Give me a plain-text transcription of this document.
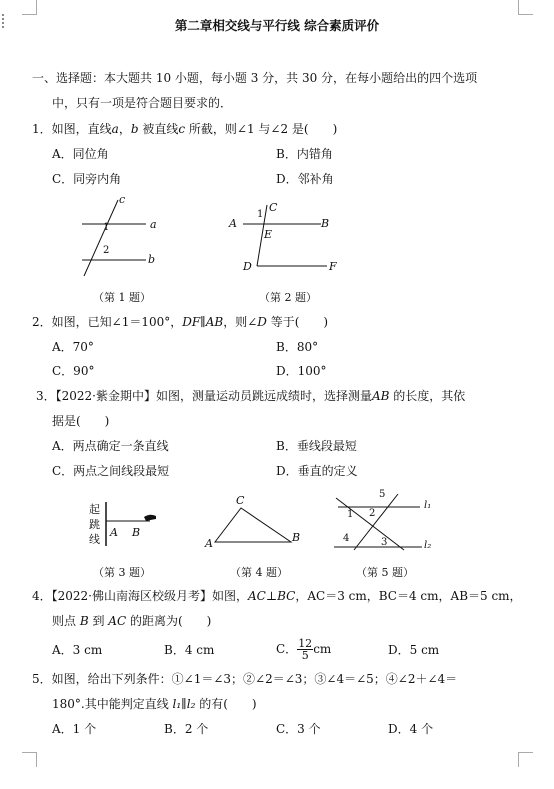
第二章相交线与平行线 综合素质评价
一、选择题：本大题共 10 小题，每小题 3 分，共 30 分，在每小题给出的四个选项
中，只有一项是符合题目要求的．
1．如图，直线a，b 被直线c 所截，则∠1 与∠2 是(　　)
A．同位角	B．内错角
C．同旁内角	D．邻补角
c
a
b
1
2
（第 1 题）
A	B
C
1
E
D	F
（第 2 题）
2．如图，已知∠1＝100°，DF∥AB，则∠D 等于(　　)
A．70°	B．80°
C．90°	D．100°
3．【2022·紫金期中】如图，测量运动员跳远成绩时，选择测量AB 的长度，其依
据是(　　)
A．两点确定一条直线	B．垂线段最短
C．两点之间线段最短	D．垂直的定义
起
跳
线
A B
（第 3 题）
C
A	B
（第 4 题）
5
1 2
4	3
l₁
l₂
（第 5 题）
4．【2022·佛山南海区校级月考】如图，AC⊥BC，AC＝3 cm，BC＝4 cm，AB＝5 cm，
则点 B 到 AC 的距离为(　　)
A．3 cm	B．4 cm	C． $\frac{12}{5}$ cm	D．5 cm
5．如图，给出下列条件：①∠1＝∠3；②∠2＝∠3；③∠4＝∠5；④∠2＋∠4＝
180°.其中能判定直线 l₁∥l₂ 的有(　　)
A．1 个	B．2 个	C．3 个	D．4 个
